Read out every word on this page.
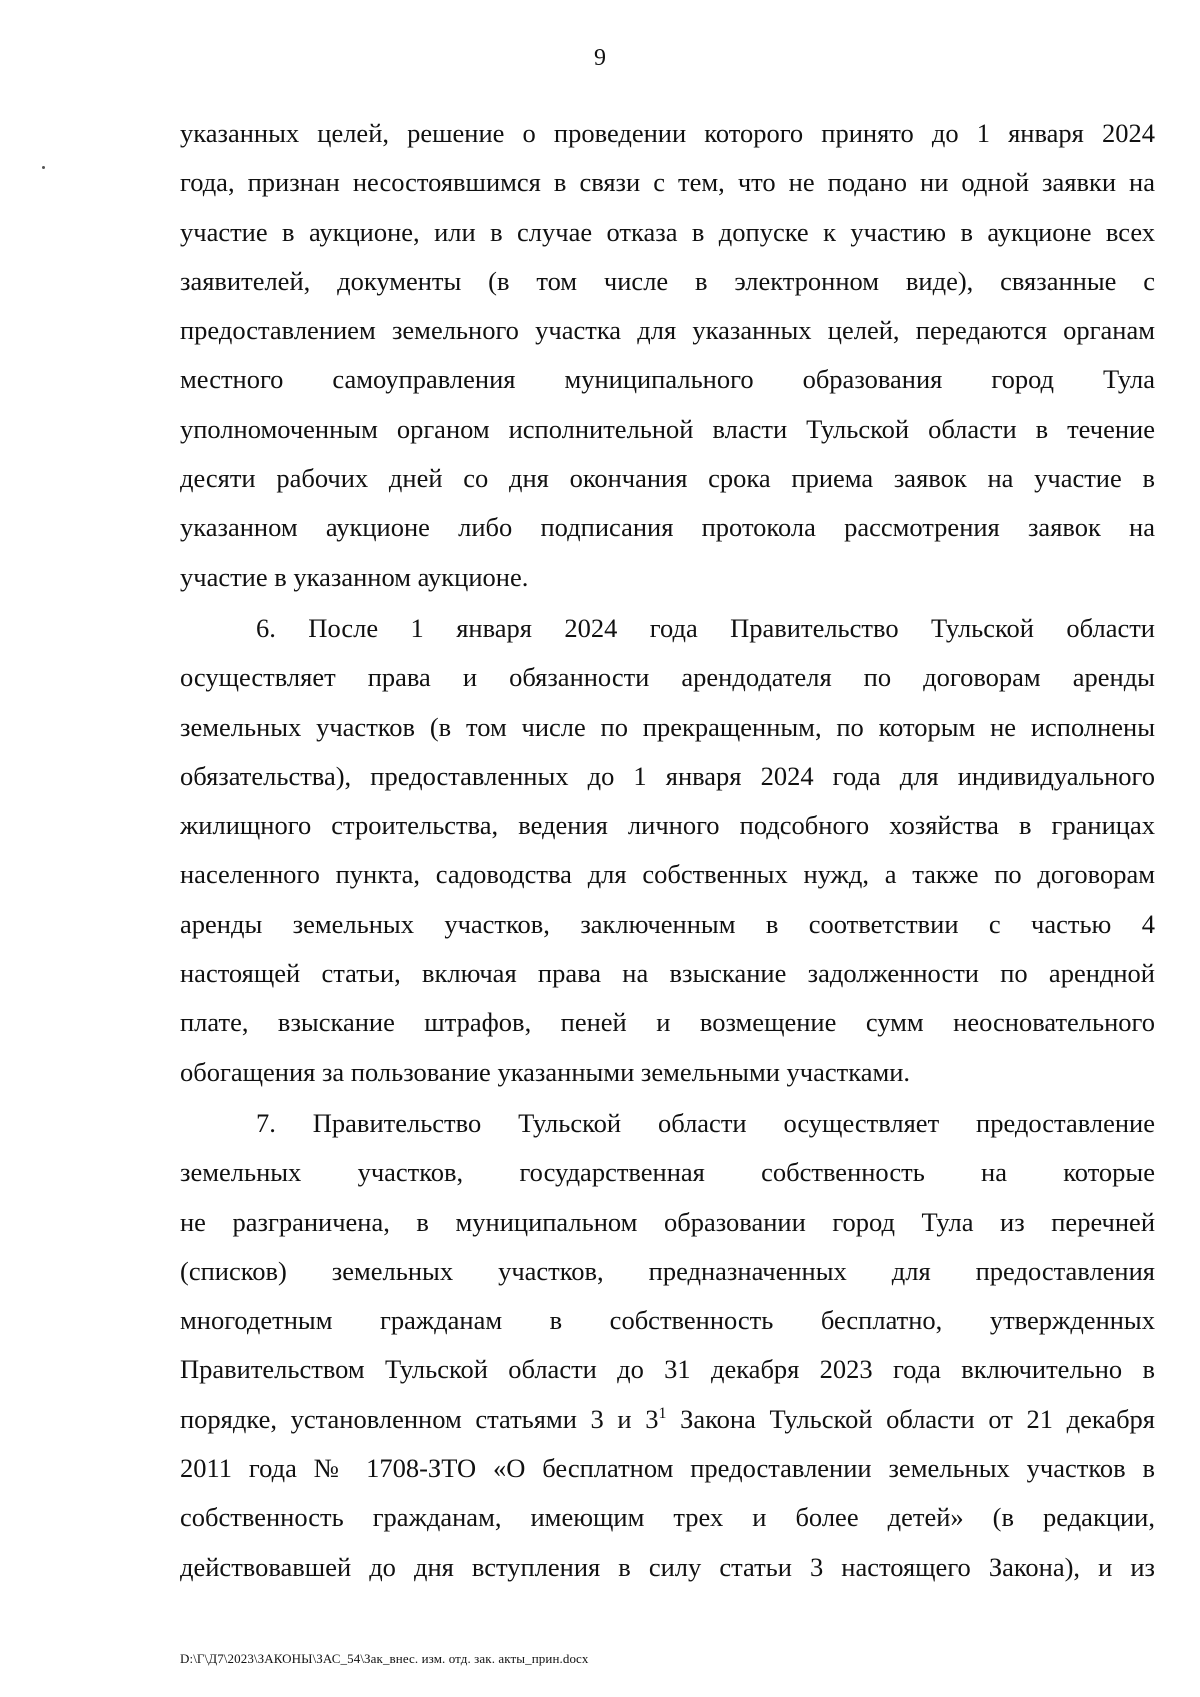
9
указанных целей, решение о проведении которого принято до 1 января 2024
года, признан несостоявшимся в связи с тем, что не подано ни одной заявки на
участие в аукционе, или в случае отказа в допуске к участию в аукционе всех
заявителей, документы (в том числе в электронном виде), связанные с
предоставлением земельного участка для указанных целей, передаются органам
местного самоуправления муниципального образования город Тула
уполномоченным органом исполнительной власти Тульской области в течение
десяти рабочих дней со дня окончания срока приема заявок на участие в
указанном аукционе либо подписания протокола рассмотрения заявок на
участие в указанном аукционе.
6. После 1 января 2024 года Правительство Тульской области
осуществляет права и обязанности арендодателя по договорам аренды
земельных участков (в том числе по прекращенным, по которым не исполнены
обязательства), предоставленных до 1 января 2024 года для индивидуального
жилищного строительства, ведения личного подсобного хозяйства в границах
населенного пункта, садоводства для собственных нужд, а также по договорам
аренды земельных участков, заключенным в соответствии с частью 4
настоящей статьи, включая права на взыскание задолженности по арендной
плате, взыскание штрафов, пеней и возмещение сумм неосновательного
обогащения за пользование указанными земельными участками.
7. Правительство Тульской области осуществляет предоставление
земельных участков, государственная собственность на которые
не разграничена, в муниципальном образовании город Тула из перечней
(списков) земельных участков, предназначенных для предоставления
многодетным гражданам в собственность бесплатно, утвержденных
Правительством Тульской области до 31 декабря 2023 года включительно в
порядке, установленном статьями 3 и $3^1$ Закона Тульской области от 21 декабря
2011 года № 1708-ЗТО «О бесплатном предоставлении земельных участков в
собственность гражданам, имеющим трех и более детей» (в редакции,
действовавшей до дня вступления в силу статьи 3 настоящего Закона), и из
D:\Г\Д7\2023\ЗАКОНЫ\ЗАС_54\Зак_внес. изм. отд. зак. акты_прин.docx
